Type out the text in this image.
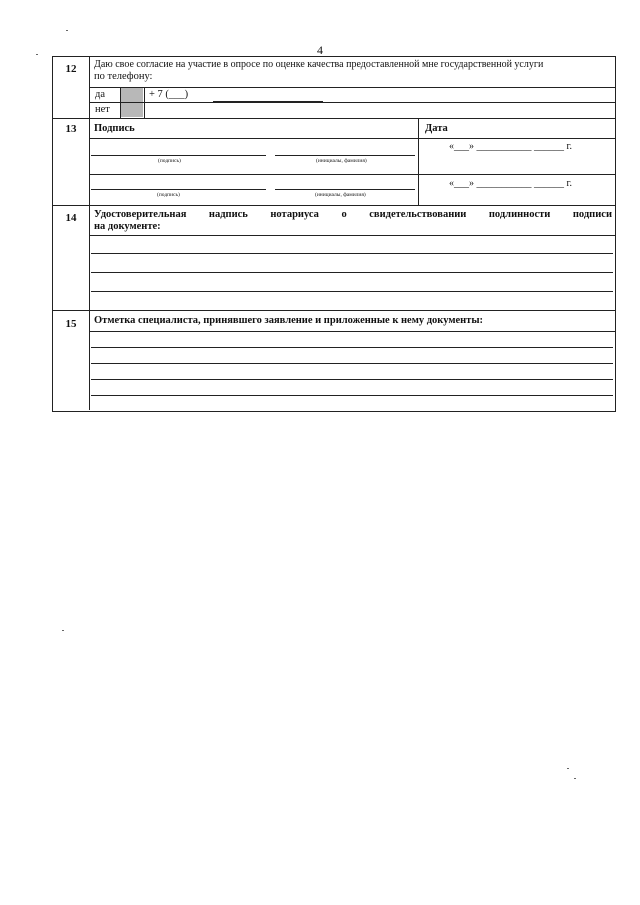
4
12	Даю свое согласие на участие в опросе по оценке качества предоставленной мне государственной услуги
по телефону:
да	+ 7 (___)
нет
13	Подпись	Дата
(подпись)	(инициалы, фамилия)
«___» ___________ ______ г.
(подпись)	(инициалы, фамилия)
«___» ___________ ______ г.
14	Удостоверительная надпись нотариуса о свидетельствовании подлинности подписи
на документе:
15	Отметка специалиста, принявшего заявление и приложенные к нему документы:
